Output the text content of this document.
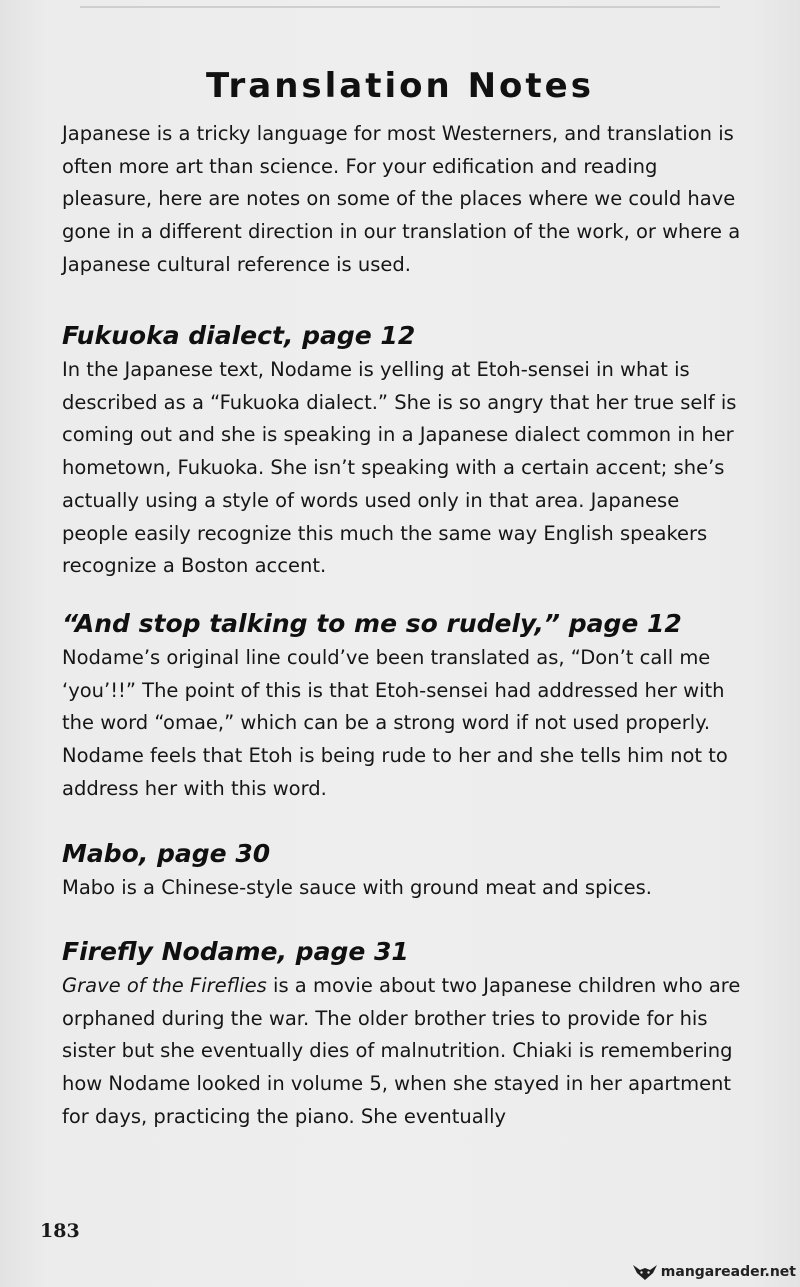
Translation Notes

Japanese is a tricky language for most Westerners, and translation is often more art than science. For your edification and reading pleasure, here are notes on some of the places where we could have gone in a different direction in our translation of the work, or where a Japanese cultural reference is used.

Fukuoka dialect, page 12

In the Japanese text, Nodame is yelling at Etoh-sensei in what is described as a “Fukuoka dialect.” She is so angry that her true self is coming out and she is speaking in a Japanese dialect common in her hometown, Fukuoka. She isn’t speaking with a certain accent; she’s actually using a style of words used only in that area. Japanese people easily recognize this much the same way English speakers recognize a Boston accent.

“And stop talking to me so rudely,” page 12

Nodame’s original line could’ve been translated as, “Don’t call me ‘you’!!” The point of this is that Etoh-sensei had addressed her with the word “omae,” which can be a strong word if not used properly. Nodame feels that Etoh is being rude to her and she tells him not to address her with this word.

Mabo, page 30

Mabo is a Chinese-style sauce with ground meat and spices.

Firefly Nodame, page 31

Grave of the Fireflies is a movie about two Japanese children who are orphaned during the war. The older brother tries to provide for his sister but she eventually dies of malnutrition. Chiaki is remembering how Nodame looked in volume 5, when she stayed in her apartment for days, practicing the piano. She eventually

183
mangareader.net
